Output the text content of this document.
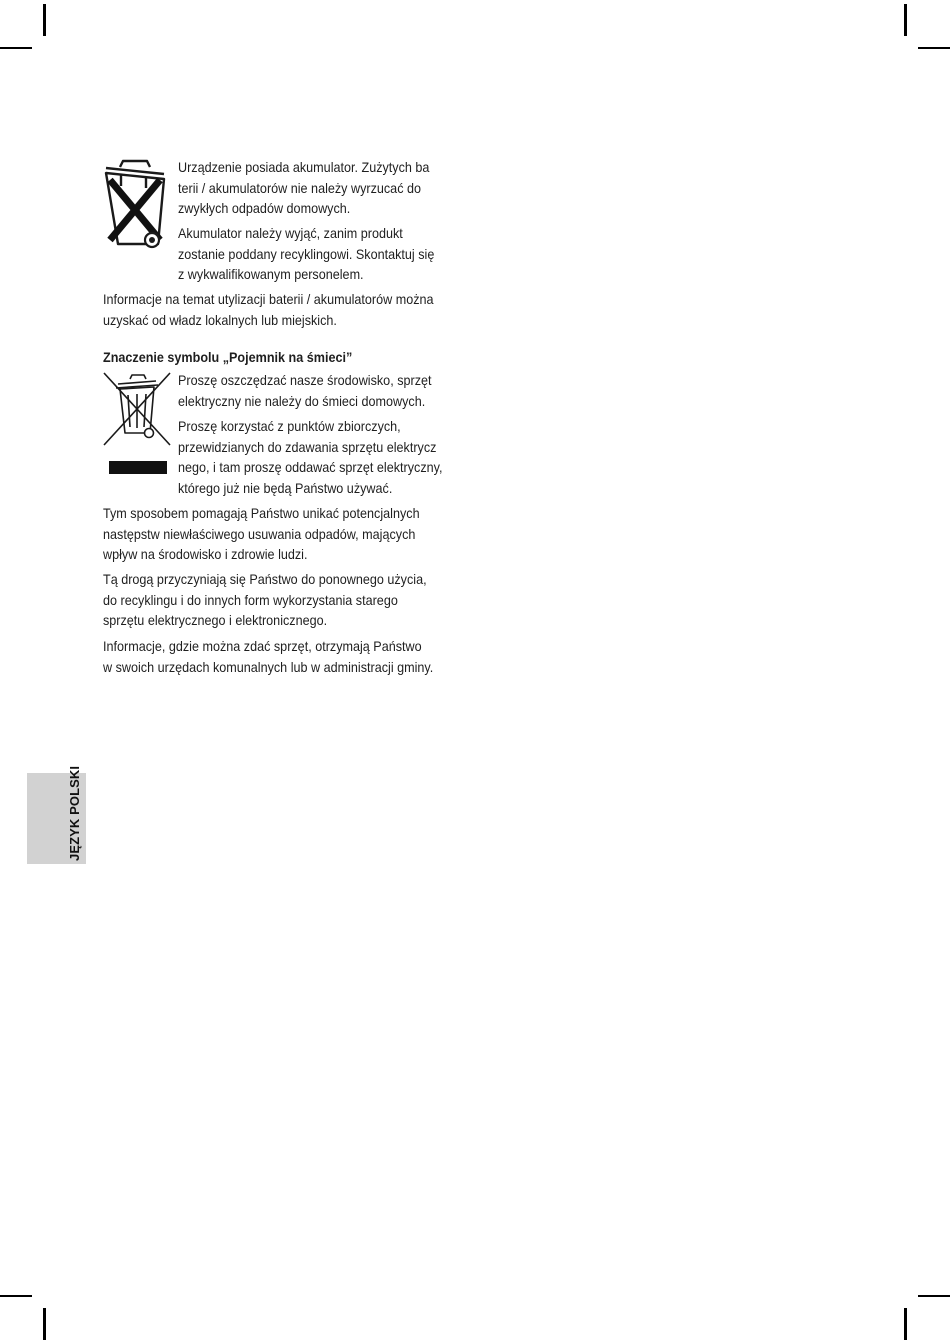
Urządzenie posiada akumulator. Zużytych ba
terii / akumulatorów nie należy wyrzucać do
zwykłych odpadów domowych.
Akumulator należy wyjąć, zanim produkt
zostanie poddany recyklingowi. Skontaktuj się
z wykwalifikowanym personelem.
Informacje na temat utylizacji baterii / akumulatorów można
uzyskać od władz lokalnych lub miejskich.
Znaczenie symbolu „Pojemnik na śmieci”
Proszę oszczędzać nasze środowisko, sprzęt
elektryczny nie należy do śmieci domowych.
Proszę korzystać z punktów zbiorczych,
przewidzianych do zdawania sprzętu elektrycz
nego, i tam proszę oddawać sprzęt elektryczny,
którego już nie będą Państwo używać.
Tym sposobem pomagają Państwo unikać potencjalnych
następstw niewłaściwego usuwania odpadów, mających
wpływ na środowisko i zdrowie ludzi.
Tą drogą przyczyniają się Państwo do ponownego użycia,
do recyklingu i do innych form wykorzystania starego
sprzętu elektrycznego i elektronicznego.
Informacje, gdzie można zdać sprzęt, otrzymają Państwo
w swoich urzędach komunalnych lub w administracji gminy.
JĘZYK POLSKI
